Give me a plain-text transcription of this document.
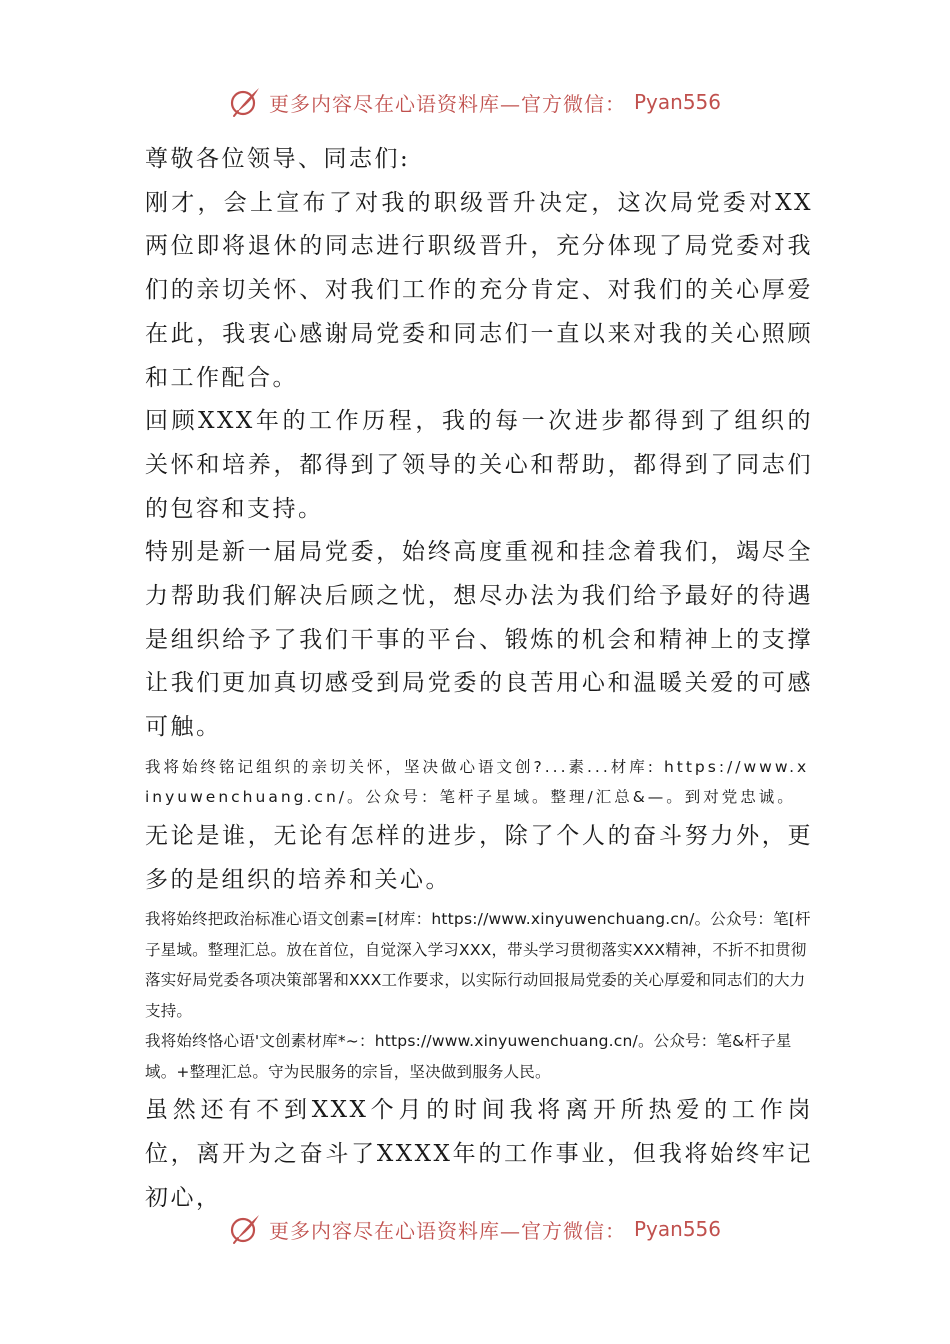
更多内容尽在心语资料库—官方微信： Pyan556

尊敬各位领导、同志们:

刚才，会上宣布了对我的职级晋升决定，这次局党委对XX两位即将退休的同志进行职级晋升，充分体现了局党委对我们的亲切关怀、对我们工作的充分肯定、对我们的关心厚爱在此，我衷心感谢局党委和同志们一直以来对我的关心照顾和工作配合。

回顾XXX年的工作历程，我的每一次进步都得到了组织的关怀和培养，都得到了领导的关心和帮助，都得到了同志们的包容和支持。

特别是新一届局党委，始终高度重视和挂念着我们，竭尽全力帮助我们解决后顾之忧，想尽办法为我们给予最好的待遇是组织给予了我们干事的平台、锻炼的机会和精神上的支撑让我们更加真切感受到局党委的良苦用心和温暖关爱的可感可触。

我将始终铭记组织的亲切关怀，坚决做心语文创?...素...材库: https://www.xinyuwenchuang.cn/。公众号：笔杆子星域。整理/汇总&—。到对党忠诚。

无论是谁，无论有怎样的进步，除了个人的奋斗努力外，更多的是组织的培养和关心。

我将始终把政治标准心语文创素=[材库：https://www.xinyuwenchuang.cn/。公众号：笔[杆子星域。整理汇总。放在首位，自觉深入学习XXX，带头学习贯彻落实XXX精神，不折不扣贯彻落实好局党委各项决策部署和XXX工作要求，以实际行动回报局党委的关心厚爱和同志们的大力支持。

我将始终恪心语'文创素材库*~：https://www.xinyuwenchuang.cn/。公众号：笔&杆子星域。+整理汇总。守为民服务的宗旨，坚决做到服务人民。

虽然还有不到XXX个月的时间我将离开所热爱的工作岗位，离开为之奋斗了XXXX年的工作事业，但我将始终牢记初心，

更多内容尽在心语资料库—官方微信： Pyan556
